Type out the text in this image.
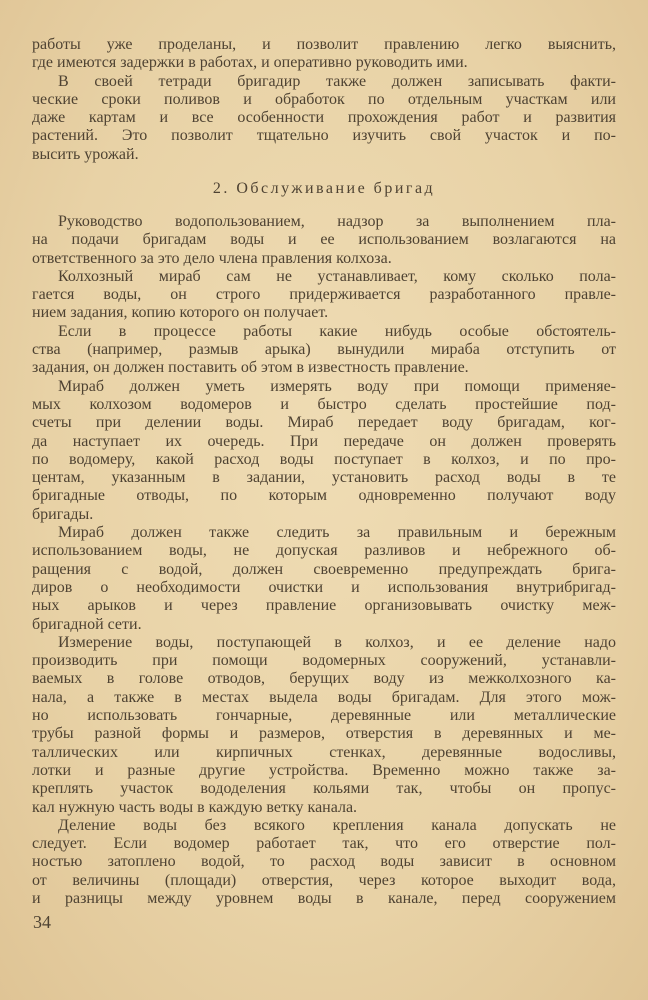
работы уже проделаны, и позволит правлению легко выяснить,
где имеются задержки в работах, и оперативно руководить ими.
В своей тетради бригадир также должен записывать факти-
ческие сроки поливов и обработок по отдельным участкам или
даже картам и все особенности прохождения работ и развития
растений. Это позволит тщательно изучить свой участок и по-
высить урожай.
2. Обслуживание бригад
Руководство водопользованием, надзор за выполнением пла-
на подачи бригадам воды и ее использованием возлагаются на
ответственного за это дело члена правления колхоза.
Колхозный мираб сам не устанавливает, кому сколько пола-
гается воды, он строго придерживается разработанного правле-
нием задания, копию которого он получает.
Если в процессе работы какие нибудь особые обстоятель-
ства (например, размыв арыка) вынудили мираба отступить от
задания, он должен поставить об этом в известность правление.
Мираб должен уметь измерять воду при помощи применяе-
мых колхозом водомеров и быстро сделать простейшие под-
счеты при делении воды. Мираб передает воду бригадам, ког-
да наступает их очередь. При передаче он должен проверять
по водомеру, какой расход воды поступает в колхоз, и по про-
центам, указанным в задании, установить расход воды в те
бригадные отводы, по которым одновременно получают воду
бригады.
Мираб должен также следить за правильным и бережным
использованием воды, не допуская разливов и небрежного об-
ращения с водой, должен своевременно предупреждать бригa-
диров о необходимости очистки и использования внутрибригад-
ных арыков и через правление организовывать очистку меж-
бригадной сети.
Измерение воды, поступающей в колхоз, и ее деление надо
производить при помощи водомерных сооружений, устанавли-
ваемых в голове отводов, берущих воду из межколхозного ка-
нала, а также в местах выдела воды бригадам. Для этого мож-
но использовать гончарные, деревянные или металлические
трубы разной формы и размеров, отверстия в деревянных и ме-
таллических или кирпичных стенках, деревянные водосливы,
лотки и разные другие устройства. Временно можно также за-
креплять участок вододеления кольями так, чтобы он пропус-
кал нужную часть воды в каждую ветку канала.
Деление воды без всякого крепления канала допускать не
следует. Если водомер работает так, что его отверстие пол-
ностью затоплено водой, то расход воды зависит в основном
от величины (площади) отверстия, через которое выходит вода,
и разницы между уровнем воды в канале, перед сооружением
34
